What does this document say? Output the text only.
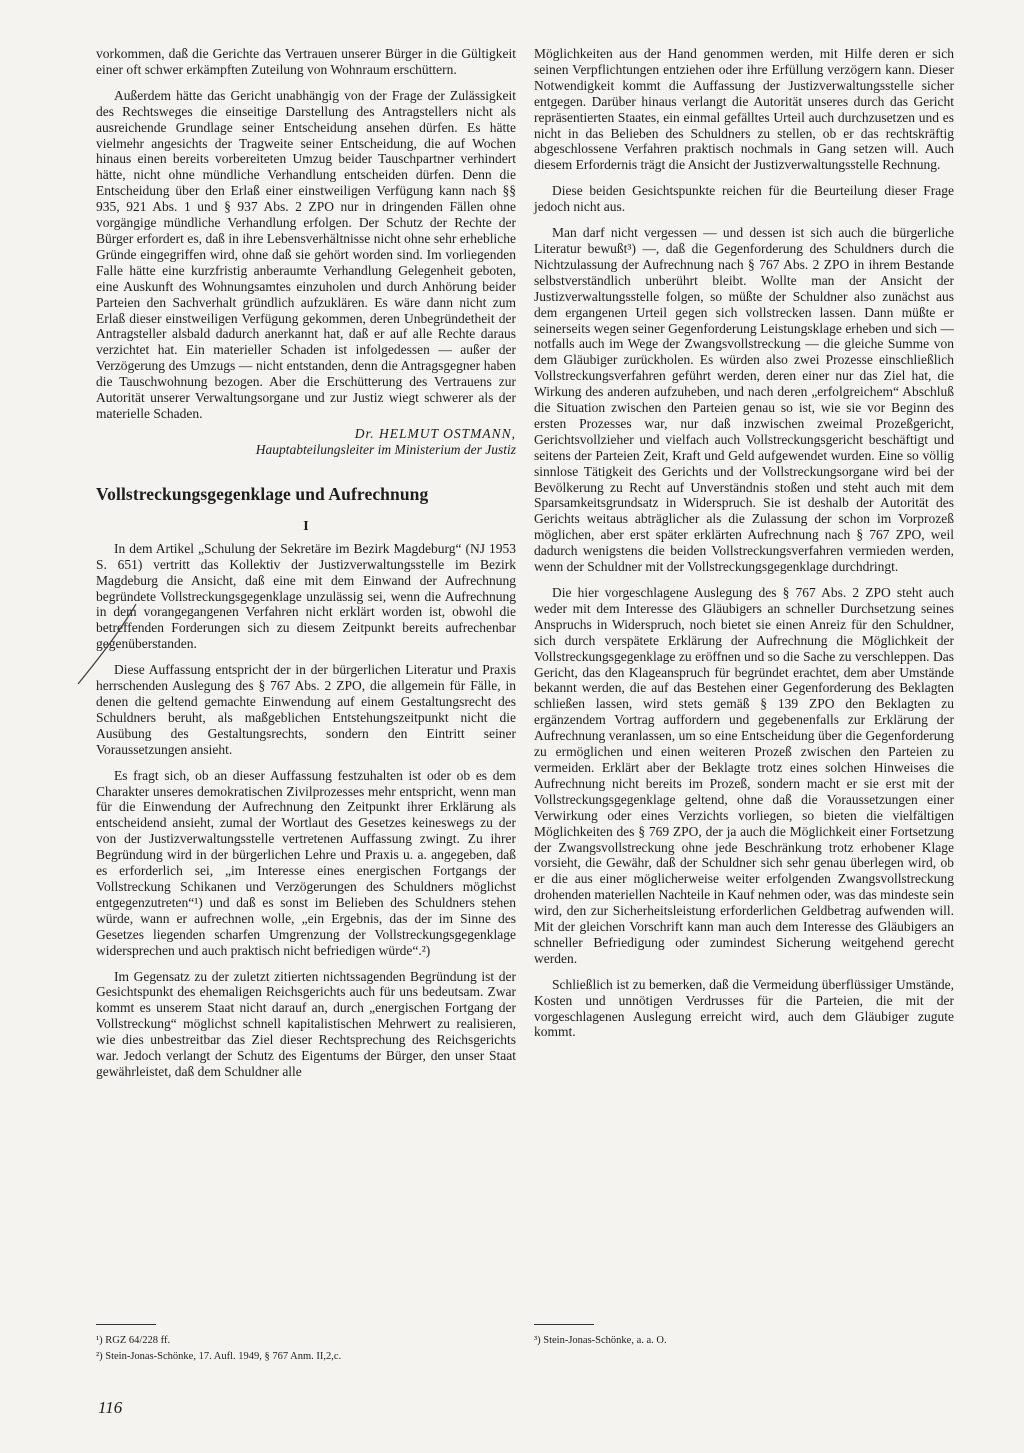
vorkommen, daß die Gerichte das Vertrauen unserer Bürger in die Gültigkeit einer oft schwer erkämpften Zuteilung von Wohnraum erschüttern.

Außerdem hätte das Gericht unabhängig von der Frage der Zulässigkeit des Rechtsweges die einseitige Darstellung des Antragstellers nicht als ausreichende Grundlage seiner Entscheidung ansehen dürfen. Es hätte vielmehr angesichts der Tragweite seiner Entscheidung, die auf Wochen hinaus einen bereits vorbereiteten Umzug beider Tauschpartner verhindert hätte, nicht ohne mündliche Verhandlung entscheiden dürfen. Denn die Entscheidung über den Erlaß einer einstweiligen Verfügung kann nach §§ 935, 921 Abs. 1 und § 937 Abs. 2 ZPO nur in dringenden Fällen ohne vorgängige mündliche Verhandlung erfolgen. Der Schutz der Rechte der Bürger erfordert es, daß in ihre Lebensverhältnisse nicht ohne sehr erhebliche Gründe eingegriffen wird, ohne daß sie gehört worden sind. Im vorliegenden Falle hätte eine kurzfristig anberaumte Verhandlung Gelegenheit geboten, eine Auskunft des Wohnungsamtes einzuholen und durch Anhörung beider Parteien den Sachverhalt gründlich aufzuklären. Es wäre dann nicht zum Erlaß dieser einstweiligen Verfügung gekommen, deren Unbegründetheit der Antragsteller alsbald dadurch anerkannt hat, daß er auf alle Rechte daraus verzichtet hat. Ein materieller Schaden ist infolgedessen — außer der Verzögerung des Umzugs — nicht entstanden, denn die Antragsgegner haben die Tauschwohnung bezogen. Aber die Erschütterung des Vertrauens zur Autorität unserer Verwaltungsorgane und zur Justiz wiegt schwerer als der materielle Schaden.

Dr. HELMUT OSTMANN,
Hauptabteilungsleiter im Ministerium der Justiz
Vollstreckungsgegenklage und Aufrechnung
I

In dem Artikel „Schulung der Sekretäre im Bezirk Magdeburg“ (NJ 1953 S. 651) vertritt das Kollektiv der Justizverwaltungsstelle im Bezirk Magdeburg die Ansicht, daß eine mit dem Einwand der Aufrechnung begründete Vollstreckungsgegenklage unzulässig sei, wenn die Aufrechnung in dem vorangegangenen Verfahren nicht erklärt worden ist, obwohl die betreffenden Forderungen sich zu diesem Zeitpunkt bereits aufrechenbar gegenüberstanden.

Diese Auffassung entspricht der in der bürgerlichen Literatur und Praxis herrschenden Auslegung des § 767 Abs. 2 ZPO, die allgemein für Fälle, in denen die geltend gemachte Einwendung auf einem Gestaltungsrecht des Schuldners beruht, als maßgeblichen Entstehungszeitpunkt nicht die Ausübung des Gestaltungsrechts, sondern den Eintritt seiner Voraussetzungen ansieht.

Es fragt sich, ob an dieser Auffassung festzuhalten ist oder ob es dem Charakter unseres demokratischen Zivilprozesses mehr entspricht, wenn man für die Einwendung der Aufrechnung den Zeitpunkt ihrer Erklärung als entscheidend ansieht, zumal der Wortlaut des Gesetzes keineswegs zu der von der Justizverwaltungsstelle vertretenen Auffassung zwingt. Zu ihrer Begründung wird in der bürgerlichen Lehre und Praxis u. a. angegeben, daß es erforderlich sei, „im Interesse eines energischen Fortgangs der Vollstreckung Schikanen und Verzögerungen des Schuldners möglichst entgegenzutreten“¹) und daß es sonst im Belieben des Schuldners stehen würde, wann er aufrechnen wolle, „ein Ergebnis, das der im Sinne des Gesetzes liegenden scharfen Umgrenzung der Vollstreckungsgegenklage widersprechen und auch praktisch nicht befriedigen würde“.²)

Im Gegensatz zu der zuletzt zitierten nichtssagenden Begründung ist der Gesichtspunkt des ehemaligen Reichsgerichts auch für uns bedeutsam. Zwar kommt es unserem Staat nicht darauf an, durch „energischen Fortgang der Vollstreckung“ möglichst schnell kapitalistischen Mehrwert zu realisieren, wie dies unbestreitbar das Ziel dieser Rechtsprechung des Reichsgerichts war. Jedoch verlangt der Schutz des Eigentums der Bürger, den unser Staat gewährleistet, daß dem Schuldner alle

Möglichkeiten aus der Hand genommen werden, mit Hilfe deren er sich seinen Verpflichtungen entziehen oder ihre Erfüllung verzögern kann. Dieser Notwendigkeit kommt die Auffassung der Justizverwaltungsstelle sicher entgegen. Darüber hinaus verlangt die Autorität unseres durch das Gericht repräsentierten Staates, ein einmal gefälltes Urteil auch durchzusetzen und es nicht in das Belieben des Schuldners zu stellen, ob er das rechtskräftig abgeschlossene Verfahren praktisch nochmals in Gang setzen will. Auch diesem Erfordernis trägt die Ansicht der Justizverwaltungsstelle Rechnung.

Diese beiden Gesichtspunkte reichen für die Beurteilung dieser Frage jedoch nicht aus.

Man darf nicht vergessen — und dessen ist sich auch die bürgerliche Literatur bewußt³) —, daß die Gegenforderung des Schuldners durch die Nichtzulassung der Aufrechnung nach § 767 Abs. 2 ZPO in ihrem Bestande selbstverständlich unberührt bleibt. Wollte man der Ansicht der Justizverwaltungsstelle folgen, so müßte der Schuldner also zunächst aus dem ergangenen Urteil gegen sich vollstrecken lassen. Dann müßte er seinerseits wegen seiner Gegenforderung Leistungsklage erheben und sich — notfalls auch im Wege der Zwangsvollstreckung — die gleiche Summe von dem Gläubiger zurückholen. Es würden also zwei Prozesse einschließlich Vollstreckungsverfahren geführt werden, deren einer nur das Ziel hat, die Wirkung des anderen aufzuheben, und nach deren „erfolgreichem“ Abschluß die Situation zwischen den Parteien genau so ist, wie sie vor Beginn des ersten Prozesses war, nur daß inzwischen zweimal Prozeßgericht, Gerichtsvollzieher und vielfach auch Vollstreckungsgericht beschäftigt und seitens der Parteien Zeit, Kraft und Geld aufgewendet wurden. Eine so völlig sinnlose Tätigkeit des Gerichts und der Vollstreckungsorgane wird bei der Bevölkerung zu Recht auf Unverständnis stoßen und steht auch mit dem Sparsamkeitsgrundsatz in Widerspruch. Sie ist deshalb der Autorität des Gerichts weitaus abträglicher als die Zulassung der schon im Vorprozeß möglichen, aber erst später erklärten Aufrechnung nach § 767 ZPO, weil dadurch wenigstens die beiden Vollstreckungsverfahren vermieden werden, wenn der Schuldner mit der Vollstreckungsgegenklage durchdringt.

Die hier vorgeschlagene Auslegung des § 767 Abs. 2 ZPO steht auch weder mit dem Interesse des Gläubigers an schneller Durchsetzung seines Anspruchs in Widerspruch, noch bietet sie einen Anreiz für den Schuldner, sich durch verspätete Erklärung der Aufrechnung die Möglichkeit der Vollstreckungsgegenklage zu eröffnen und so die Sache zu verschleppen. Das Gericht, das den Klageanspruch für begründet erachtet, dem aber Umstände bekannt werden, die auf das Bestehen einer Gegenforderung des Beklagten schließen lassen, wird stets gemäß § 139 ZPO den Beklagten zu ergänzendem Vortrag auffordern und gegebenenfalls zur Erklärung der Aufrechnung veranlassen, um so eine Entscheidung über die Gegenforderung zu ermöglichen und einen weiteren Prozeß zwischen den Parteien zu vermeiden. Erklärt aber der Beklagte trotz eines solchen Hinweises die Aufrechnung nicht bereits im Prozeß, sondern macht er sie erst mit der Vollstreckungsgegenklage geltend, ohne daß die Voraussetzungen einer Verwirkung oder eines Verzichts vorliegen, so bieten die vielfältigen Möglichkeiten des § 769 ZPO, der ja auch die Möglichkeit einer Fortsetzung der Zwangsvollstreckung ohne jede Beschränkung trotz erhobener Klage vorsieht, die Gewähr, daß der Schuldner sich sehr genau überlegen wird, ob er die aus einer möglicherweise weiter erfolgenden Zwangsvollstreckung drohenden materiellen Nachteile in Kauf nehmen oder, was das mindeste sein wird, den zur Sicherheitsleistung erforderlichen Geldbetrag aufwenden will. Mit der gleichen Vorschrift kann man auch dem Interesse des Gläubigers an schneller Befriedigung oder zumindest Sicherung weitgehend gerecht werden.

Schließlich ist zu bemerken, daß die Vermeidung überflüssiger Umstände, Kosten und unnötigen Verdrusses für die Parteien, die mit der vorgeschlagenen Auslegung erreicht wird, auch dem Gläubiger zugute kommt.

¹) RGZ 64/228 ff.
²) Stein-Jonas-Schönke, 17. Aufl. 1949, § 767 Anm. II,2,c.
³) Stein-Jonas-Schönke, a. a. O.
116
